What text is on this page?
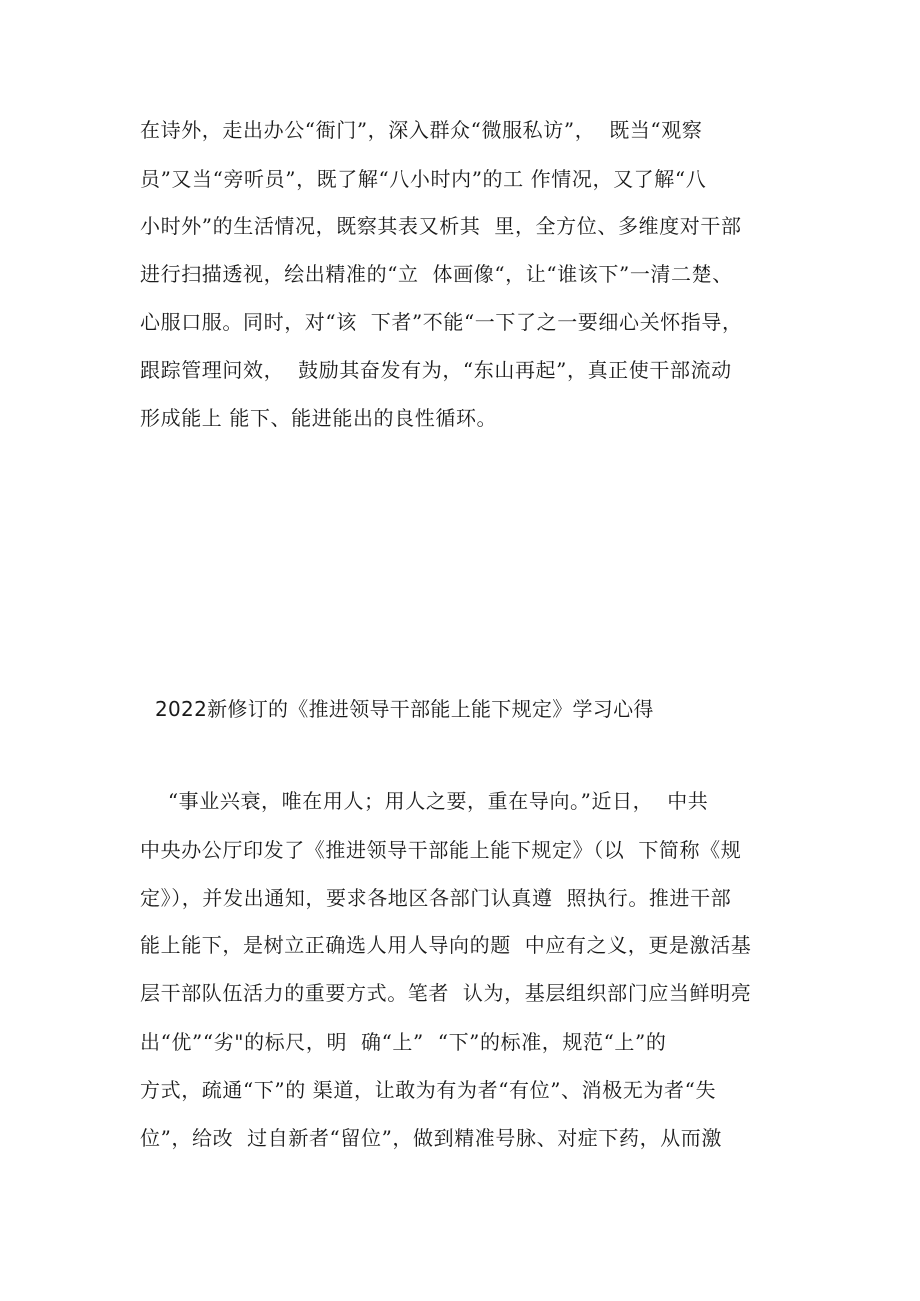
在诗外，走出办公“衙门”，深入群众“微服私访”，  既当“观察
员”又当“旁听员”，既了解“八小时内”的工 作情况，又了解“八
小时外”的生活情况，既察其表又析其  里，全方位、多维度对干部
进行扫描透视，绘出精准的“立  体画像“，让“谁该下”一清二楚、
心服口服。同时，对“该  下者”不能“一下了之一要细心关怀指导，
跟踪管理问效，  鼓励其奋发有为，“东山再起”，真正使干部流动
形成能上 能下、能进能出的良性循环。
2022新修订的《推进领导干部能上能下规定》学习心得
“事业兴衰，唯在用人；用人之要，重在导向。”近日，  中共
中央办公厅印发了《推进领导干部能上能下规定》（以  下简称《规
定》），并发出通知，要求各地区各部门认真遵  照执行。推进干部
能上能下，是树立正确选人用人导向的题  中应有之义，更是激活基
层干部队伍活力的重要方式。笔者  认为，基层组织部门应当鲜明亮
出“优”“劣"的标尺，明  确“上”  “下”的标准，规范“上”的
方式，疏通“下”的 渠道，让敢为有为者“有位”、消极无为者“失
位”，给改  过自新者“留位”，做到精准号脉、对症下药，从而激
